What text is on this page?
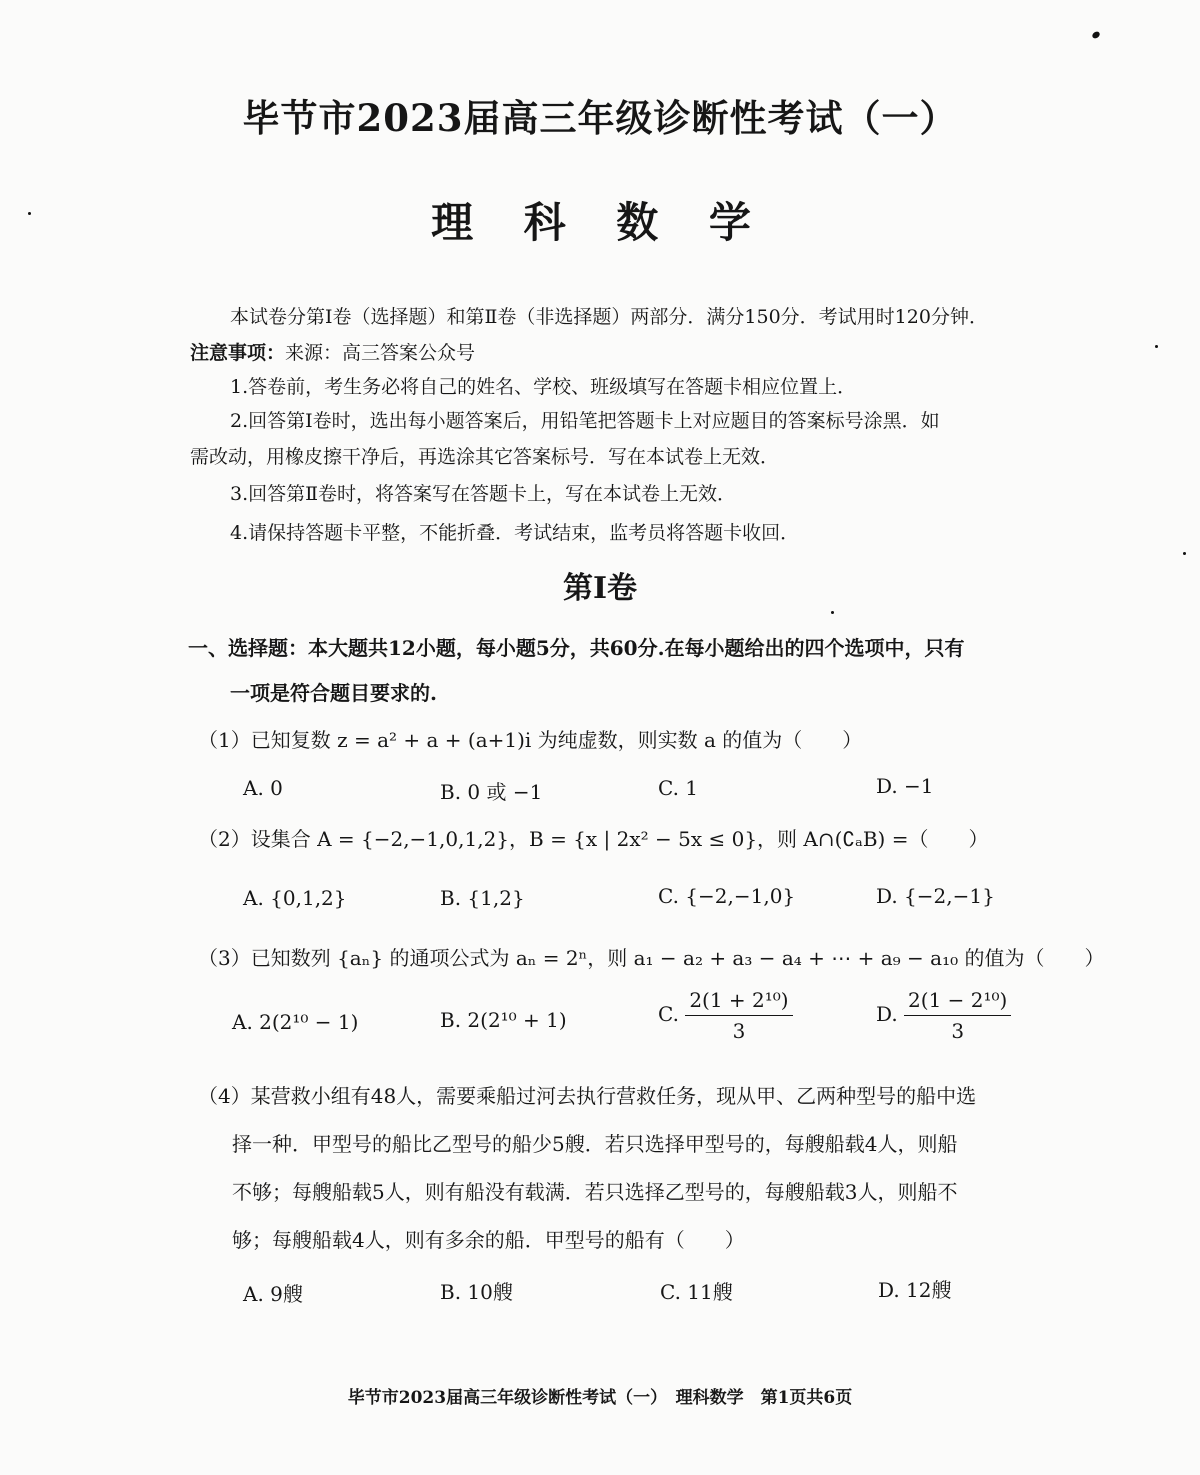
毕节市2023届高三年级诊断性考试（一）
理 科 数 学
本试卷分第Ⅰ卷（选择题）和第Ⅱ卷（非选择题）两部分．满分150分．考试用时120分钟．
注意事项：来源：高三答案公众号
1.答卷前，考生务必将自己的姓名、学校、班级填写在答题卡相应位置上．
2.回答第Ⅰ卷时，选出每小题答案后，用铅笔把答题卡上对应题目的答案标号涂黑．如
需改动，用橡皮擦干净后，再选涂其它答案标号．写在本试卷上无效．
3.回答第Ⅱ卷时，将答案写在答题卡上，写在本试卷上无效．
4.请保持答题卡平整，不能折叠．考试结束，监考员将答题卡收回．
第Ⅰ卷
一、选择题：本大题共12小题，每小题5分，共60分.在每小题给出的四个选项中，只有
一项是符合题目要求的.
（1）已知复数 z = a² + a + (a+1)i 为纯虚数，则实数 a 的值为（　　）
A. 0	B. 0 或 −1	C. 1	D. −1
（2）设集合 A = {−2,−1,0,1,2}，B = {x | 2x² − 5x ≤ 0}，则 A∩(∁ₐB) =（　　）
A. {0,1,2}	B. {1,2}	C. {−2,−1,0}	D. {−2,−1}
（3）已知数列 {aₙ} 的通项公式为 aₙ = 2ⁿ，则 a₁ − a₂ + a₃ − a₄ + ⋯ + a₉ − a₁₀ 的值为（　　）
A. 2(2¹⁰ − 1)	B. 2(2¹⁰ + 1)	C. $\frac{\text{2(1 + 2¹⁰)}}{3}$	D. $\frac{\text{2(1 − 2¹⁰)}}{3}$
（4）某营救小组有48人，需要乘船过河去执行营救任务，现从甲、乙两种型号的船中选
择一种．甲型号的船比乙型号的船少5艘．若只选择甲型号的，每艘船载4人，则船
不够；每艘船载5人，则有船没有载满．若只选择乙型号的，每艘船载3人，则船不
够；每艘船载4人，则有多余的船．甲型号的船有（　　）
A. 9艘	B. 10艘	C. 11艘	D. 12艘
毕节市2023届高三年级诊断性考试（一）　理科数学　第1页共6页
